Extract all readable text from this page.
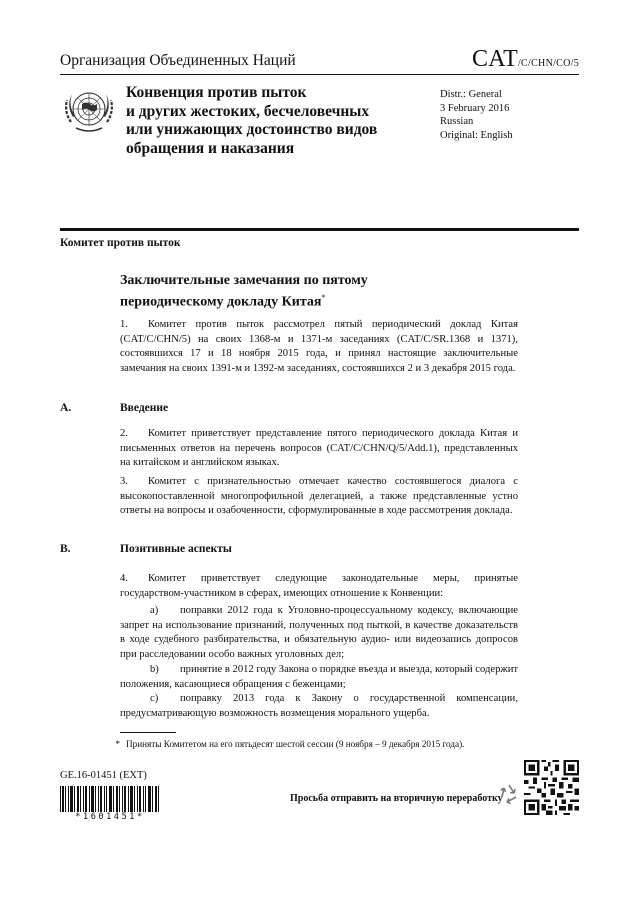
Организация Объединенных Наций	CAT/C/CHN/CO/5
Конвенция против пыток
и других жестоких, бесчеловечных
или унижающих достоинство видов
обращения и наказания
Distr.: General
3 February 2016
Russian
Original: English
Комитет против пыток
Заключительные замечания по пятому
периодическому докладу Китая*

1. Комитет против пыток рассмотрел пятый периодический доклад Китая (CAT/C/CHN/5) на своих 1368-м и 1371-м заседаниях (CAT/C/SR.1368 и 1371), состоявшихся 17 и 18 ноября 2015 года, и принял настоящие заключительные замечания на своих 1391-м и 1392-м заседаниях, состоявшихся 2 и 3 декабря 2015 года.

A.	Введение

2. Комитет приветствует представление пятого периодического доклада Китая и письменных ответов на перечень вопросов (CAT/C/CHN/Q/5/Add.1), представленных на китайском и английском языках.

3. Комитет с признательностью отмечает качество состоявшегося диалога с высокопоставленной многопрофильной делегацией, а также представленные устно ответы на вопросы и озабоченности, сформулированные в ходе рассмотрения доклада.

B.	Позитивные аспекты

4. Комитет приветствует следующие законодательные меры, принятые государством-участником в сферах, имеющих отношение к Конвенции:

a) поправки 2012 года к Уголовно-процессуальному кодексу, включающие запрет на использование признаний, полученных под пыткой, в качестве доказательств в ходе судебного разбирательства, и обязательную аудио- или видеозапись допросов при расследовании особо важных уголовных дел;

b) принятие в 2012 году Закона о порядке въезда и выезда, который содержит положения, касающиеся обращения с беженцами;

c) поправку 2013 года к Закону о государственной компенсации, предусматривающую возможность возмещения морального ущерба.

* Приняты Комитетом на его пятьдесят шестой сессии (9 ноября – 9 декабря 2015 года).
GE.16-01451 (EXT)
*1601451*
Просьба отправить на вторичную переработку
